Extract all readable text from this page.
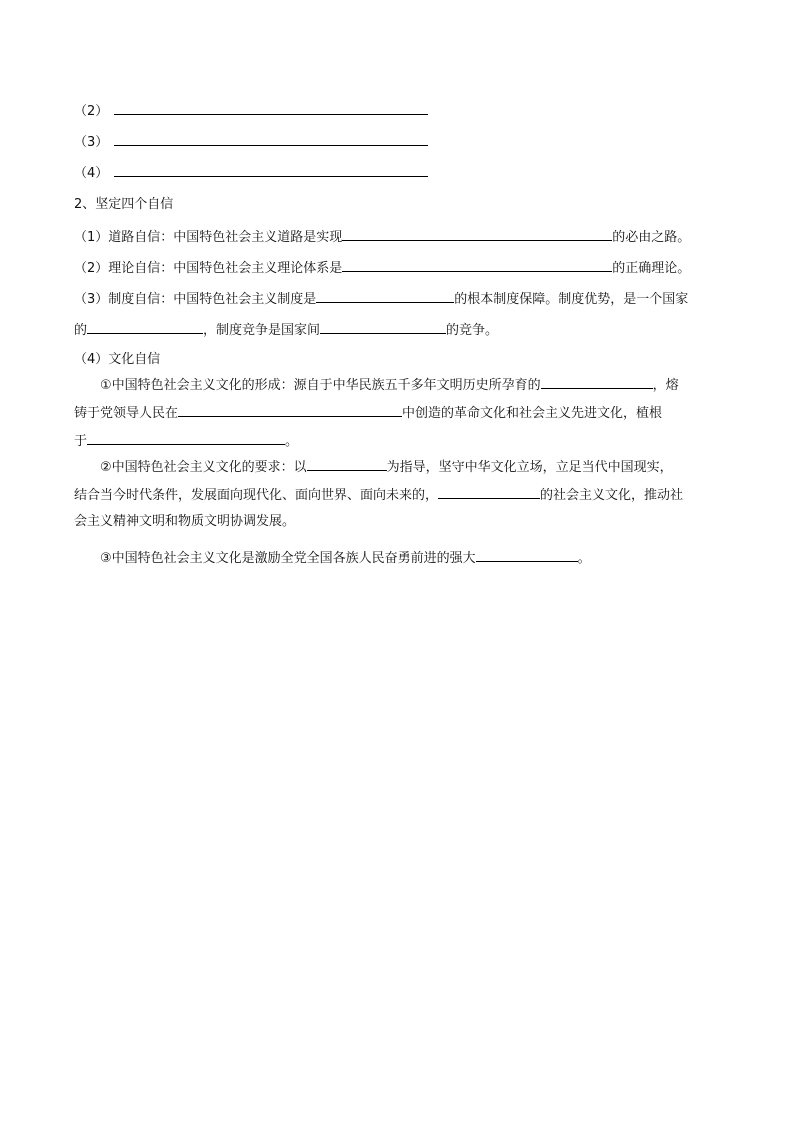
（2）
（3）
（4）
2、坚定四个自信
（1）道路自信：中国特色社会主义道路是实现	的必由之路。
（2）理论自信：中国特色社会主义理论体系是	的正确理论。
（3）制度自信：中国特色社会主义制度是	的根本制度保障。制度优势，是一个国家
的	，制度竞争是国家间	的竞争。
（4）文化自信
①中国特色社会主义文化的形成：源自于中华民族五千多年文明历史所孕育的	，熔
铸于党领导人民在	中创造的革命文化和社会主义先进文化，植根
于	。
②中国特色社会主义文化的要求：以	为指导，坚守中华文化立场，立足当代中国现实，
结合当今时代条件，发展面向现代化、面向世界、面向未来的，	的社会主义文化，推动社
会主义精神文明和物质文明协调发展。
③中国特色社会主义文化是激励全党全国各族人民奋勇前进的强大	。
